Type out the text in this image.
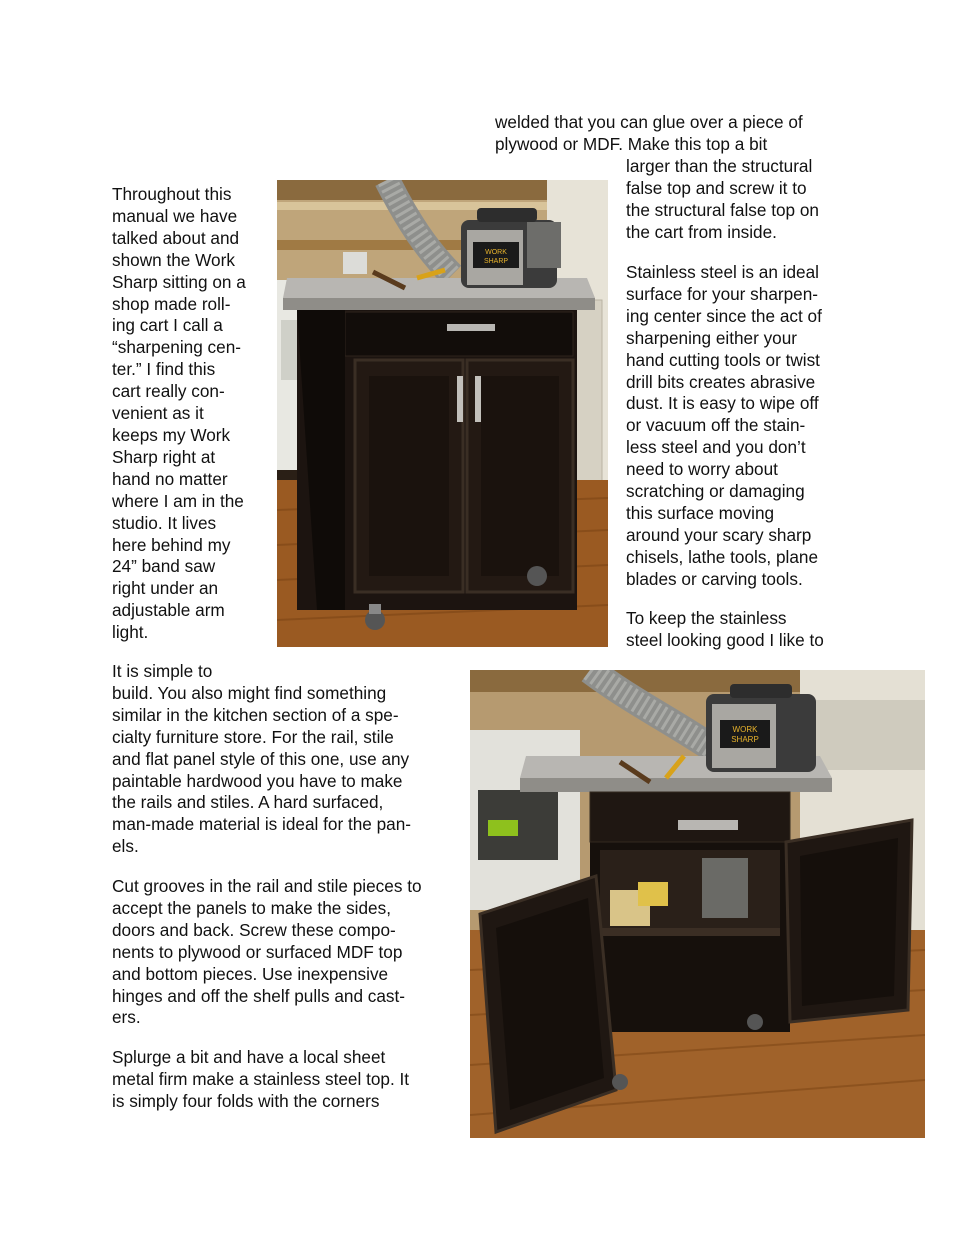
Throughout this
manual we have
talked about and
shown the Work
Sharp sitting on a
shop made roll-
ing cart I call a
“sharpening cen-
ter.” I find this
cart really con-
venient as it
keeps my Work
Sharp right at
hand no matter
where I am in the
studio. It lives
here behind my
24” band saw
right under an
adjustable arm
light.
It is simple to
build. You also might find something
similar in the kitchen section of a spe-
cialty furniture store. For the rail, stile
and flat panel style of this one, use any
paintable hardwood you have to make
the rails and stiles. A hard surfaced,
man-made material is ideal for the pan-
els.
Cut grooves in the rail and stile pieces to
accept the panels to make the sides,
doors and back. Screw these compo-
nents to plywood or surfaced MDF top
and bottom pieces. Use inexpensive
hinges and off the shelf pulls and cast-
ers.
Splurge a bit and have a local sheet
metal firm make a stainless steel top. It
is simply four folds with the corners
welded that you can glue over a piece of
plywood or MDF. Make this top a bit
larger than the structural
false top and screw it to
the structural false top on
the cart from inside.
Stainless steel is an ideal
surface for your sharpen-
ing center since the act of
sharpening either your
hand cutting tools or twist
drill bits creates abrasive
dust. It is easy to wipe off
or vacuum off the stain-
less steel and you don’t
need to worry about
scratching or damaging
this surface moving
around your scary sharp
chisels, lathe tools, plane
blades or carving tools.
To keep the stainless
steel looking good I like to
WORK
SHARP
WORK
SHARP
